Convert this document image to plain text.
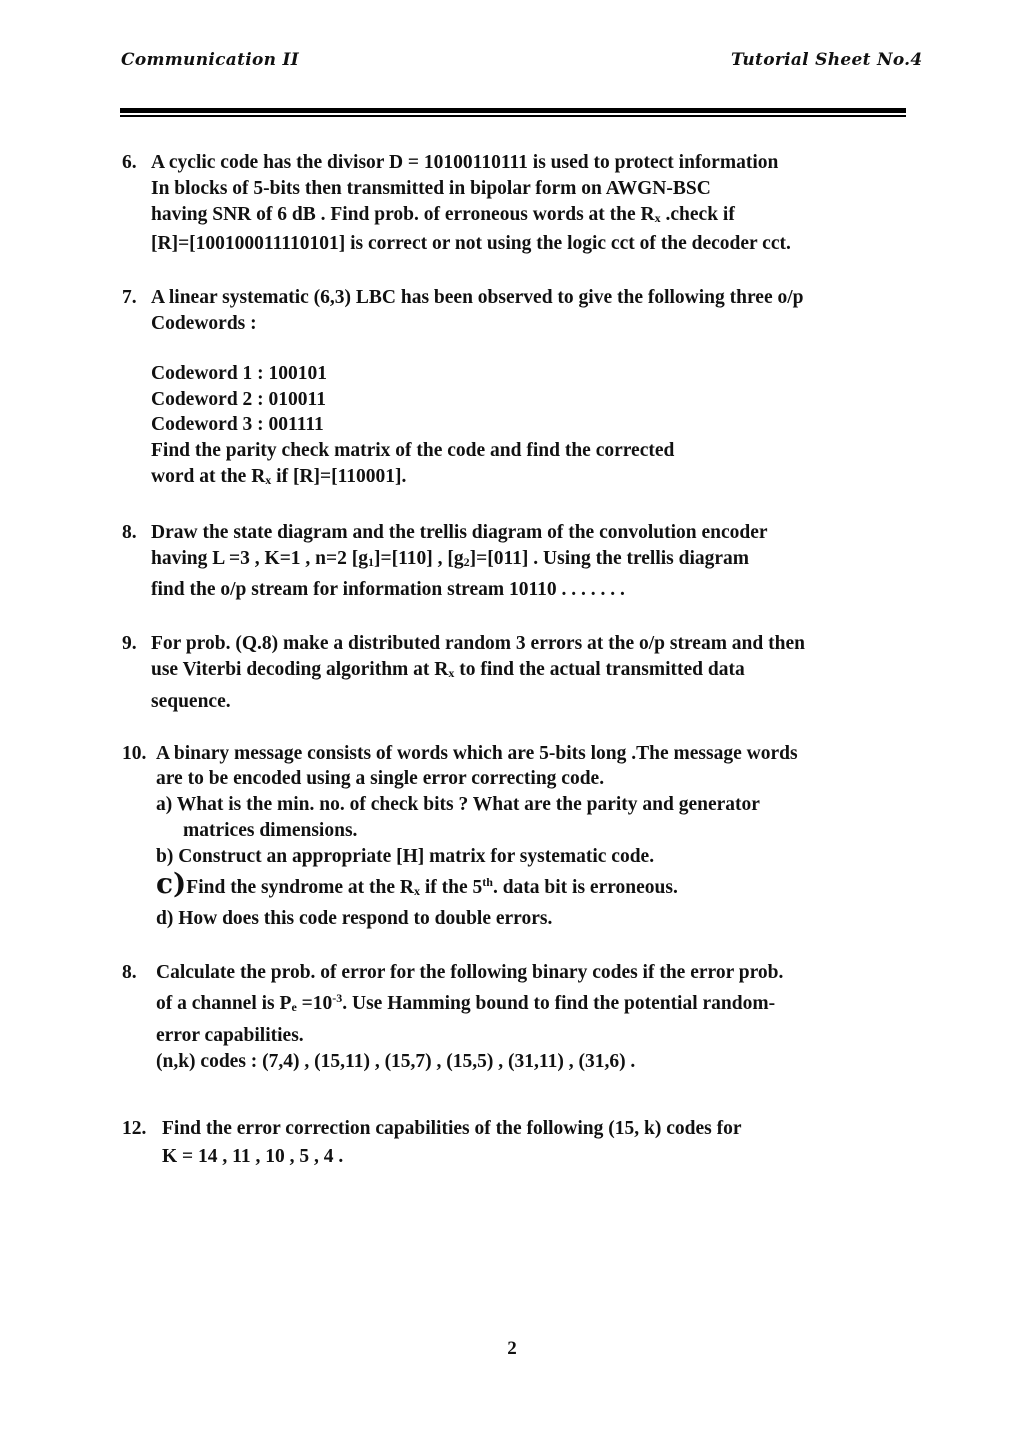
Communication II	Tutorial Sheet No.4
6. A cyclic code has the divisor D = 10100110111 is used to protect information
In blocks of 5-bits then transmitted in bipolar form on AWGN-BSC
having SNR of 6 dB . Find prob. of erroneous words at the Rx .check if
[R]=[100100011110101] is correct or not using the logic cct of the decoder cct.
7. A linear systematic (6,3) LBC has been observed to give the following three o/p
Codewords :
Codeword 1 : 100101
Codeword 2 : 010011
Codeword 3 : 001111
Find the parity check matrix of the code and find the corrected
word at the Rx if [R]=[110001].
8. Draw the state diagram and the trellis diagram of the convolution encoder
having L =3 , K=1 , n=2 [g1]=[110] , [g2]=[011] . Using the trellis diagram
find the o/p stream for information stream 10110 . . . . . . .
9. For prob. (Q.8) make a distributed random 3 errors at the o/p stream and then
use Viterbi decoding algorithm at Rx to find the actual transmitted data
sequence.
10. A binary message consists of words which are 5-bits long .The message words
are to be encoded using a single error correcting code.
a) What is the min. no. of check bits ? What are the parity and generator
matrices dimensions.
b) Construct an appropriate [H] matrix for systematic code.
c)Find the syndrome at the Rx if the 5th. data bit is erroneous.
d) How does this code respond to double errors.
8. Calculate the prob. of error for the following binary codes if the error prob.
of a channel is $Pe =10^{-3}$. Use Hamming bound to find the potential random-
error capabilities.
(n,k) codes : (7,4) , (15,11) , (15,7) , (15,5) , (31,11) , (31,6) .
12. Find the error correction capabilities of the following (15, k) codes for
K = 14 , 11 , 10 , 5 , 4 .
2
